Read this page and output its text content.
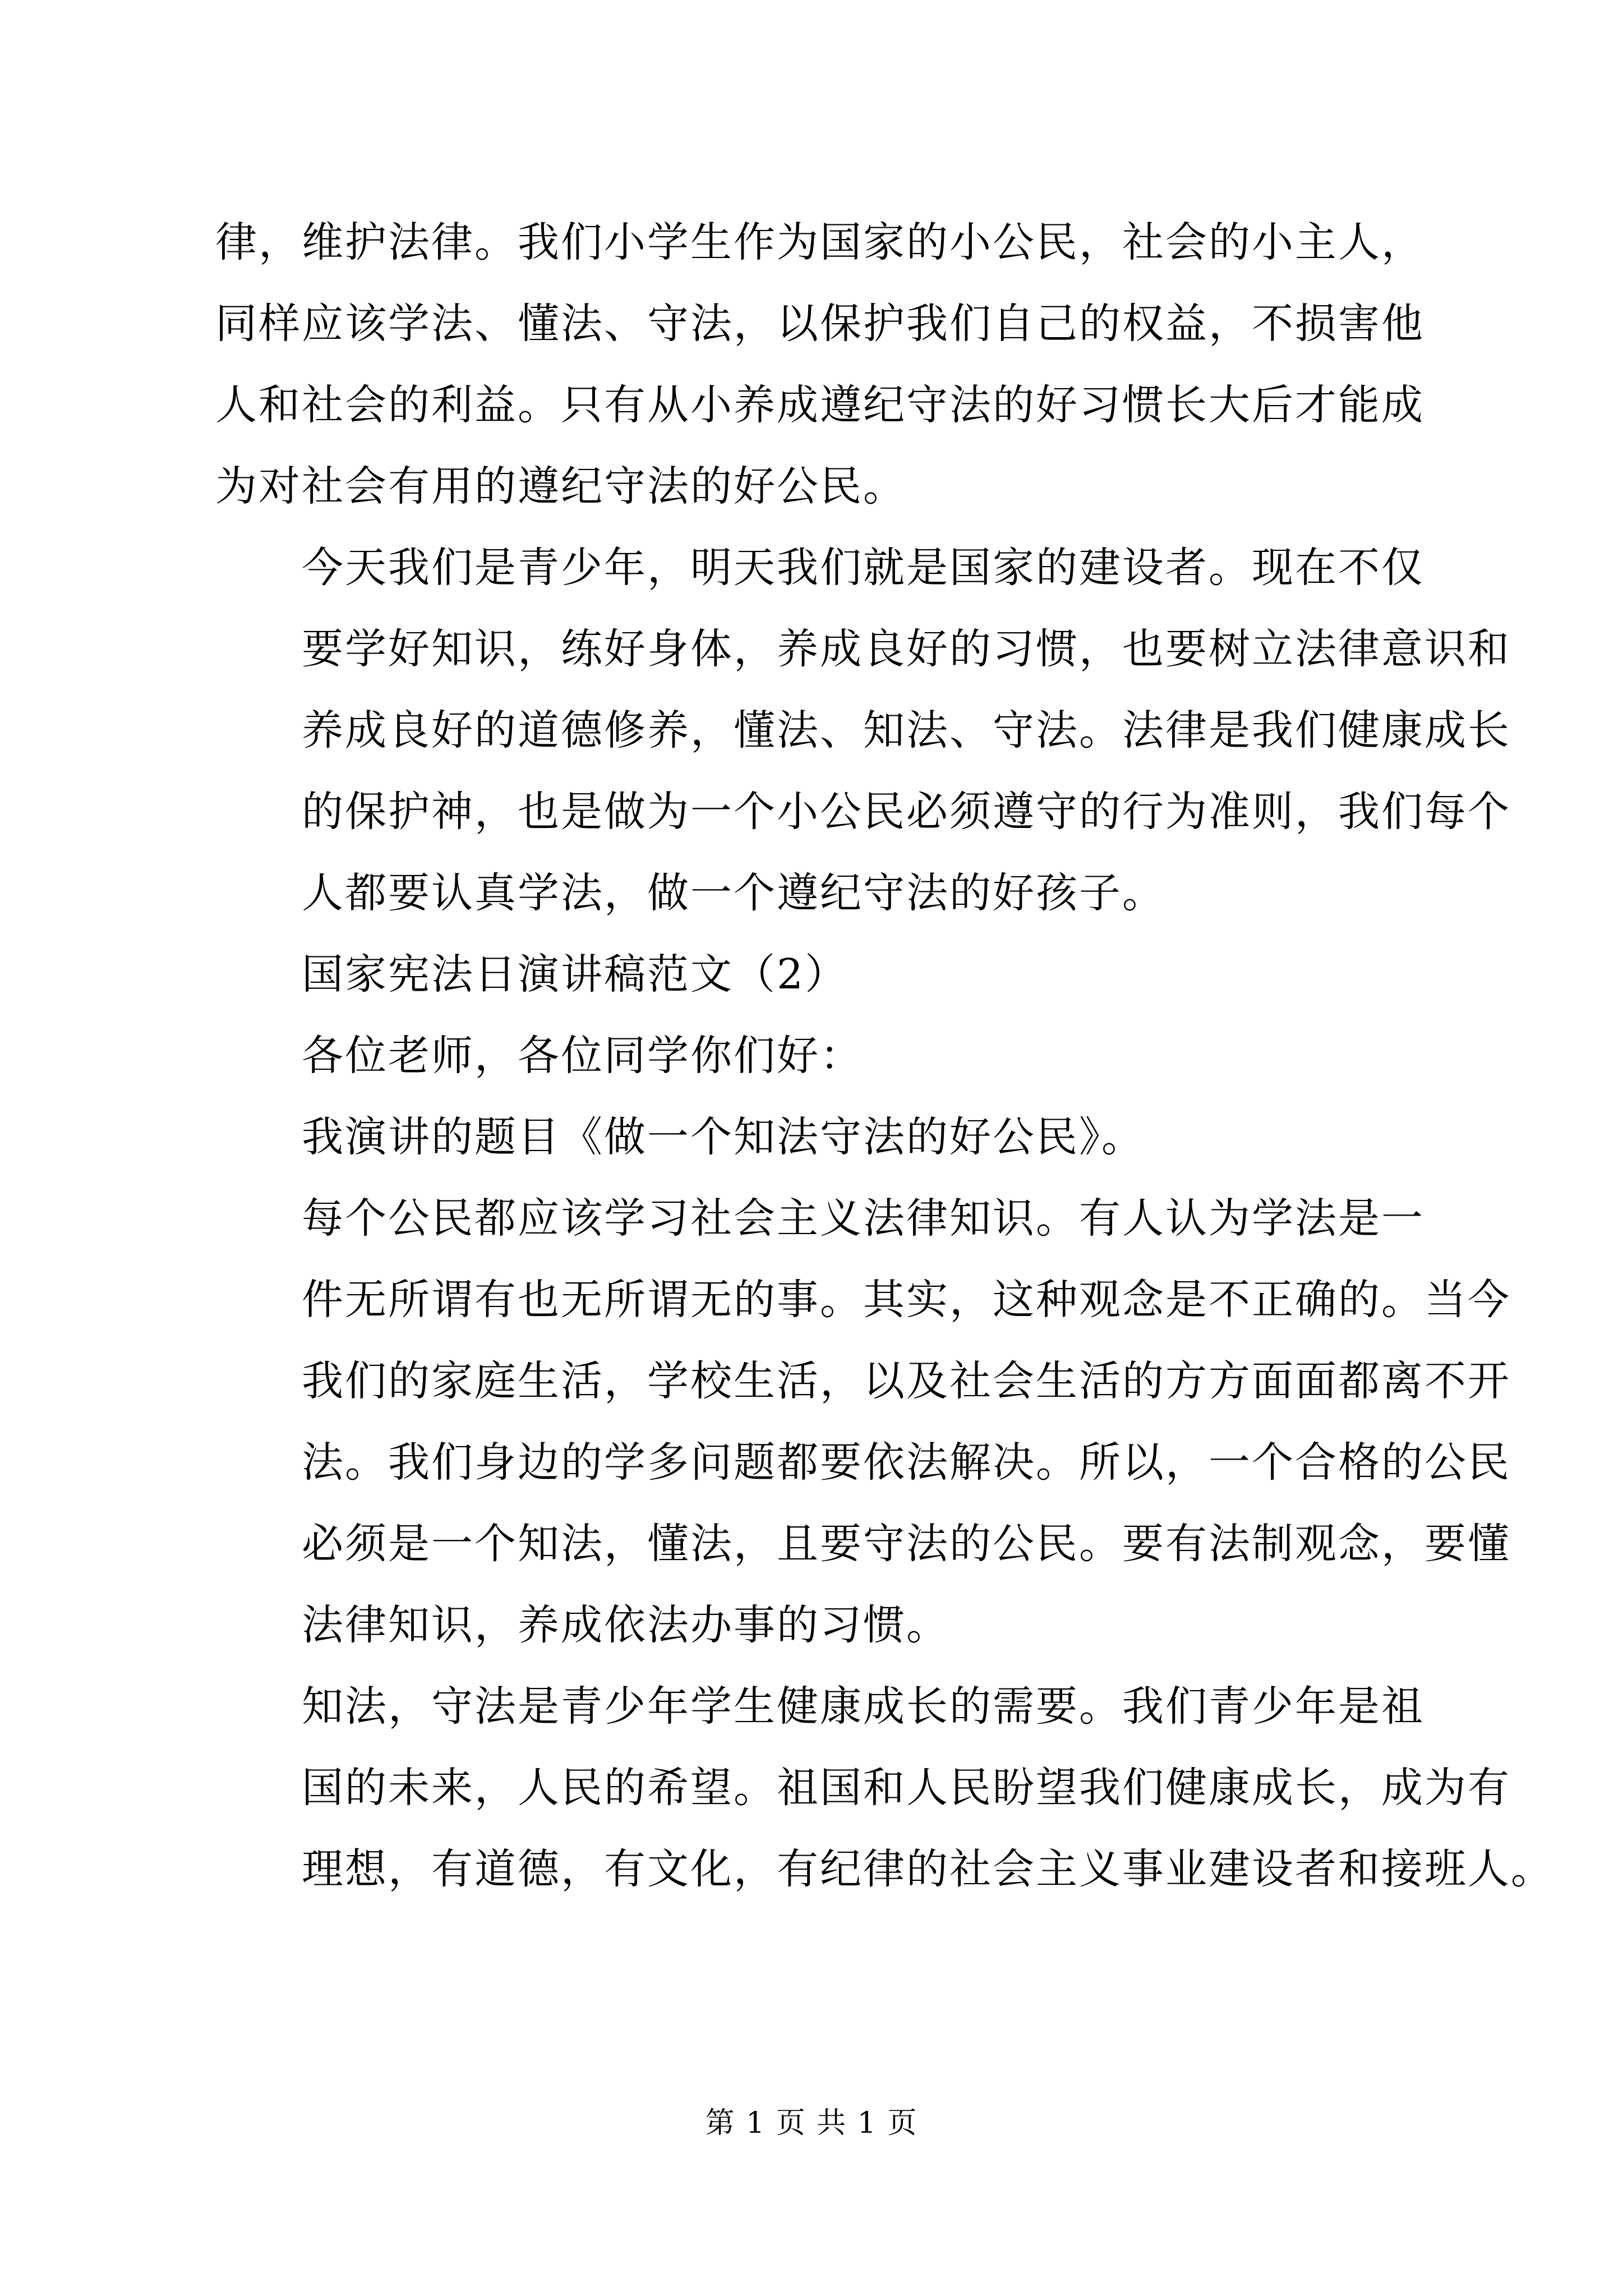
律，维护法律。我们小学生作为国家的小公民，社会的小主人，
同样应该学法、懂法、守法，以保护我们自己的权益，不损害他
人和社会的利益。只有从小养成遵纪守法的好习惯长大后才能成
为对社会有用的遵纪守法的好公民。
今天我们是青少年，明天我们就是国家的建设者。现在不仅
要学好知识，练好身体，养成良好的习惯，也要树立法律意识和
养成良好的道德修养，懂法、知法、守法。法律是我们健康成长
的保护神，也是做为一个小公民必须遵守的行为准则，我们每个
人都要认真学法，做一个遵纪守法的好孩子。
国家宪法日演讲稿范文（2）
各位老师，各位同学你们好：
我演讲的题目《做一个知法守法的好公民》。
每个公民都应该学习社会主义法律知识。有人认为学法是一
件无所谓有也无所谓无的事。其实，这种观念是不正确的。当今
我们的家庭生活，学校生活，以及社会生活的方方面面都离不开
法。我们身边的学多问题都要依法解决。所以，一个合格的公民
必须是一个知法，懂法，且要守法的公民。要有法制观念，要懂
法律知识，养成依法办事的习惯。
知法，守法是青少年学生健康成长的需要。我们青少年是祖
国的未来，人民的希望。祖国和人民盼望我们健康成长，成为有
理想，有道德，有文化，有纪律的社会主义事业建设者和接班人。
第 1 页 共 1 页
